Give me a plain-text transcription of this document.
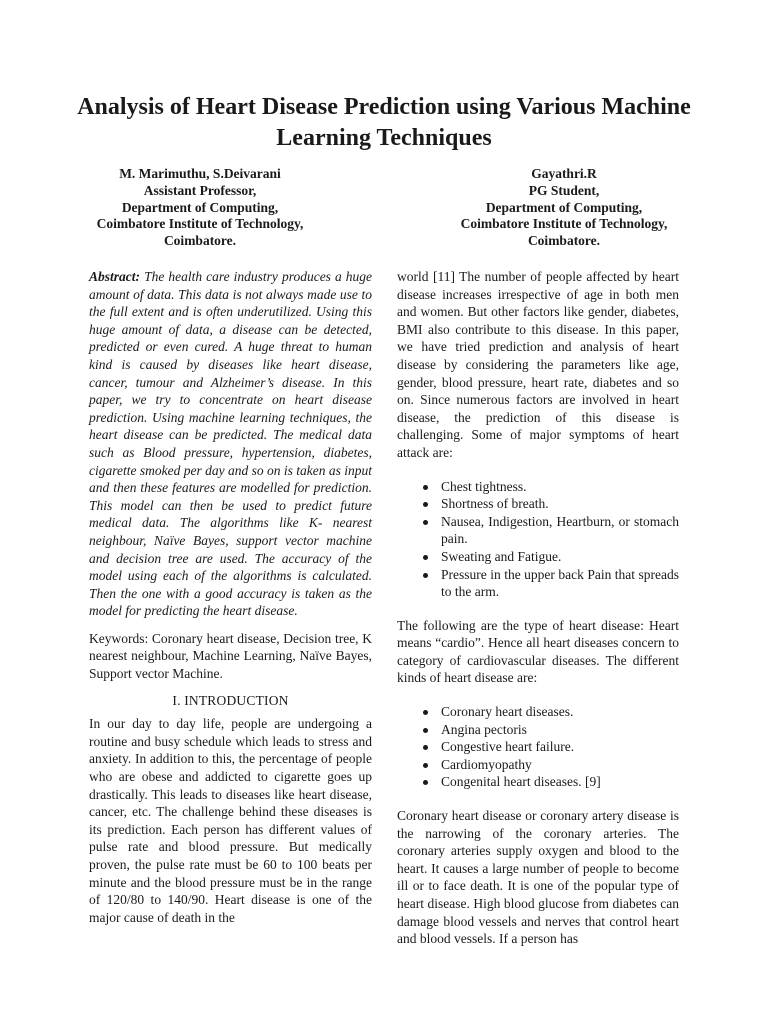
Analysis of Heart Disease Prediction using Various Machine Learning Techniques
M. Marimuthu, S.Deivarani
Assistant Professor,
Department of Computing,
Coimbatore Institute of Technology,
Coimbatore.
Gayathri.R
PG Student,
Department of Computing,
Coimbatore Institute of Technology,
Coimbatore.

Abstract: The health care industry produces a huge amount of data. This data is not always made use to the full extent and is often underutilized. Using this huge amount of data, a disease can be detected, predicted or even cured. A huge threat to human kind is caused by diseases like heart disease, cancer, tumour and Alzheimer’s disease. In this paper, we try to concentrate on heart disease prediction. Using machine learning techniques, the heart disease can be predicted. The medical data such as Blood pressure, hypertension, diabetes, cigarette smoked per day and so on is taken as input and then these features are modelled for prediction. This model can then be used to predict future medical data. The algorithms like K- nearest neighbour, Naïve Bayes, support vector machine and decision tree are used. The accuracy of the model using each of the algorithms is calculated. Then the one with a good accuracy is taken as the model for predicting the heart disease.

Keywords: Coronary heart disease, Decision tree, K nearest neighbour, Machine Learning, Naïve Bayes, Support vector Machine.

I. INTRODUCTION

In our day to day life, people are undergoing a routine and busy schedule which leads to stress and anxiety. In addition to this, the percentage of people who are obese and addicted to cigarette goes up drastically. This leads to diseases like heart disease, cancer, etc. The challenge behind these diseases is its prediction. Each person has different values of pulse rate and blood pressure. But medically proven, the pulse rate must be 60 to 100 beats per minute and the blood pressure must be in the range of 120/80 to 140/90. Heart disease is one of the major cause of death in the

world [11] The number of people affected by heart disease increases irrespective of age in both men and women. But other factors like gender, diabetes, BMI also contribute to this disease. In this paper, we have tried prediction and analysis of heart disease by considering the parameters like age, gender, blood pressure, heart rate, diabetes and so on. Since numerous factors are involved in heart disease, the prediction of this disease is challenging. Some of major symptoms of heart attack are:

Chest tightness.
Shortness of breath.
Nausea, Indigestion, Heartburn, or stomach pain.
Sweating and Fatigue.
Pressure in the upper back Pain that spreads to the arm.

The following are the type of heart disease: Heart means “cardio”. Hence all heart diseases concern to category of cardiovascular diseases. The different kinds of heart disease are:

Coronary heart diseases.
Angina pectoris
Congestive heart failure.
Cardiomyopathy
Congenital heart diseases. [9]

Coronary heart disease or coronary artery disease is the narrowing of the coronary arteries. The coronary arteries supply oxygen and blood to the heart. It causes a large number of people to become ill or to face death. It is one of the popular type of heart disease. High blood glucose from diabetes can damage blood vessels and nerves that control heart and blood vessels. If a person has
